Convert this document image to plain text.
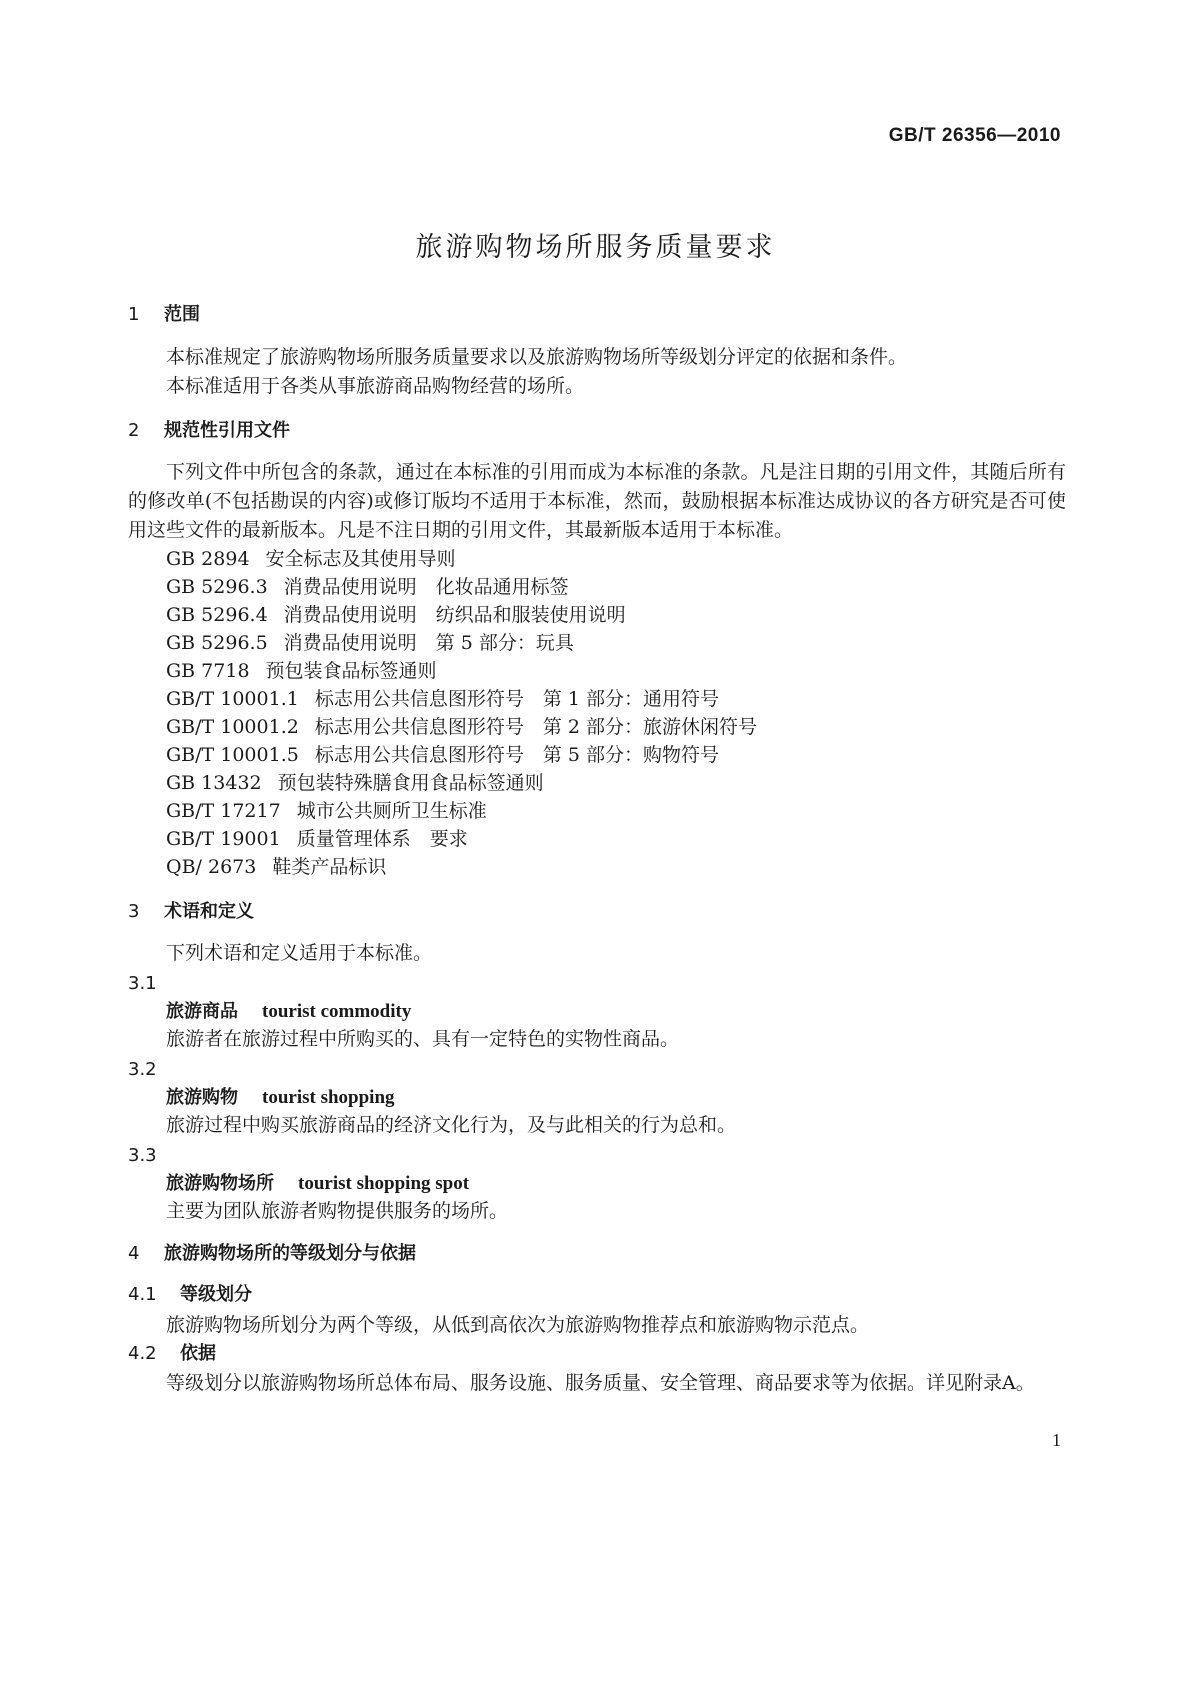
GB/T 26356—2010
旅游购物场所服务质量要求
1 范围
本标准规定了旅游购物场所服务质量要求以及旅游购物场所等级划分评定的依据和条件。
本标准适用于各类从事旅游商品购物经营的场所。
2 规范性引用文件
下列文件中所包含的条款，通过在本标准的引用而成为本标准的条款。凡是注日期的引用文件，其随后所有的修改单(不包括勘误的内容)或修订版均不适用于本标准，然而，鼓励根据本标准达成协议的各方研究是否可使用这些文件的最新版本。凡是不注日期的引用文件，其最新版本适用于本标准。
GB 2894 安全标志及其使用导则
GB 5296.3 消费品使用说明　化妆品通用标签
GB 5296.4 消费品使用说明　纺织品和服装使用说明
GB 5296.5 消费品使用说明　第 5 部分：玩具
GB 7718 预包装食品标签通则
GB/T 10001.1 标志用公共信息图形符号　第 1 部分：通用符号
GB/T 10001.2 标志用公共信息图形符号　第 2 部分：旅游休闲符号
GB/T 10001.5 标志用公共信息图形符号　第 5 部分：购物符号
GB 13432 预包装特殊膳食用食品标签通则
GB/T 17217 城市公共厕所卫生标准
GB/T 19001 质量管理体系　要求
QB/ 2673 鞋类产品标识
3 术语和定义
下列术语和定义适用于本标准。
3.1
旅游商品 tourist commodity
旅游者在旅游过程中所购买的、具有一定特色的实物性商品。
3.2
旅游购物 tourist shopping
旅游过程中购买旅游商品的经济文化行为，及与此相关的行为总和。
3.3
旅游购物场所 tourist shopping spot
主要为团队旅游者购物提供服务的场所。
4 旅游购物场所的等级划分与依据
4.1 等级划分
旅游购物场所划分为两个等级，从低到高依次为旅游购物推荐点和旅游购物示范点。
4.2 依据
等级划分以旅游购物场所总体布局、服务设施、服务质量、安全管理、商品要求等为依据。详见附录A。
1
